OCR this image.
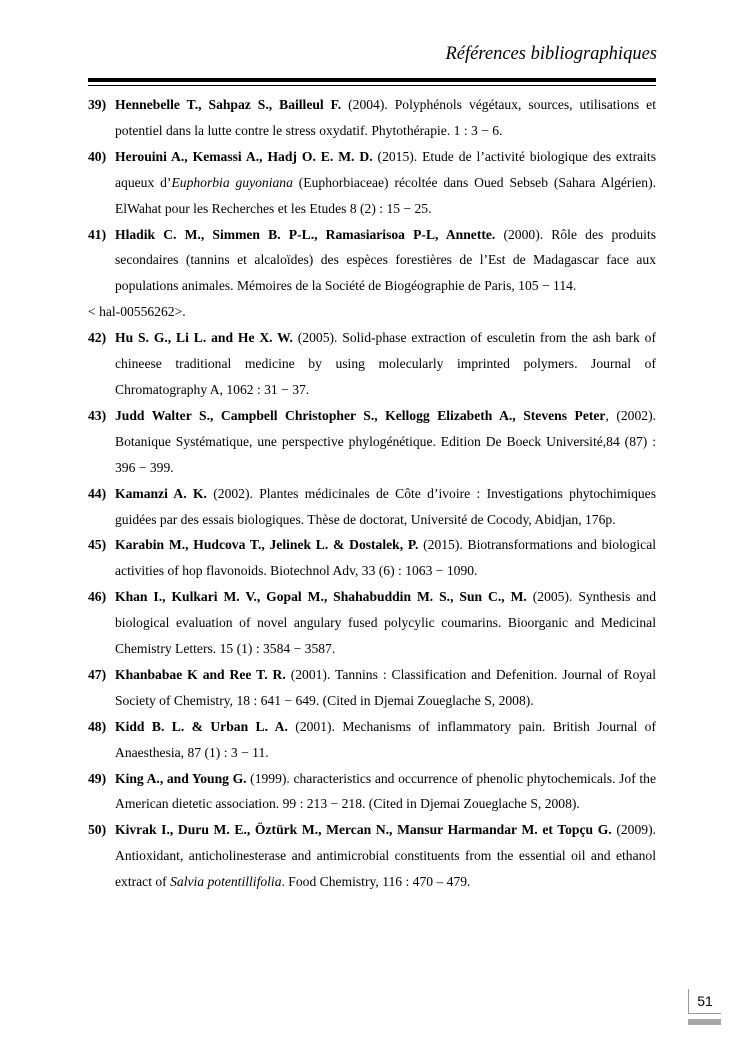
Références bibliographiques
39) Hennebelle T., Sahpaz S., Bailleul F. (2004). Polyphénols végétaux, sources, utilisations et potentiel dans la lutte contre le stress oxydatif. Phytothérapie. 1 : 3 − 6.
40) Herouini A., Kemassi A., Hadj O. E. M. D. (2015). Etude de l’activité biologique des extraits aqueux d’Euphorbia guyoniana (Euphorbiaceae) récoltée dans Oued Sebseb (Sahara Algérien). ElWahat pour les Recherches et les Etudes 8 (2) : 15 − 25.
41) Hladik C. M., Simmen B. P-L., Ramasiarisoa P-L, Annette. (2000). Rôle des produits secondaires (tannins et alcaloïdes) des espèces forestières de l’Est de Madagascar face aux populations animales. Mémoires de la Société de Biogéographie de Paris, 105 − 114.
< hal-00556262>.
42) Hu S. G., Li L. and He X. W. (2005). Solid-phase extraction of esculetin from the ash bark of chineese traditional medicine by using molecularly imprinted polymers. Journal of Chromatography A, 1062 : 31 − 37.
43) Judd Walter S., Campbell Christopher S., Kellogg Elizabeth A., Stevens Peter, (2002). Botanique Systématique, une perspective phylogénétique. Edition De Boeck Université,84 (87) : 396 − 399.
44) Kamanzi A. K. (2002). Plantes médicinales de Côte d’ivoire : Investigations phytochimiques guidées par des essais biologiques. Thèse de doctorat, Université de Cocody, Abidjan, 176p.
45) Karabin M., Hudcova T., Jelinek L. & Dostalek, P. (2015). Biotransformations and biological activities of hop flavonoids. Biotechnol Adv, 33 (6) : 1063 − 1090.
46) Khan I., Kulkari M. V., Gopal M., Shahabuddin M. S., Sun C., M. (2005). Synthesis and biological evaluation of novel angulary fused polycylic coumarins. Bioorganic and Medicinal Chemistry Letters. 15 (1) : 3584 − 3587.
47) Khanbabae K and Ree T. R. (2001). Tannins : Classification and Defenition. Journal of Royal Society of Chemistry, 18 : 641 − 649. (Cited in Djemai Zoueglache S, 2008).
48) Kidd B. L. & Urban L. A. (2001). Mechanisms of inflammatory pain. British Journal of Anaesthesia, 87 (1) : 3 − 11.
49) King A., and Young G. (1999). characteristics and occurrence of phenolic phytochemicals. Jof the American dietetic association. 99 : 213 − 218. (Cited in Djemai Zoueglache S, 2008).
50) Kivrak I., Duru M. E., Öztürk M., Mercan N., Mansur Harmandar M. et Topçu G. (2009). Antioxidant, anticholinesterase and antimicrobial constituents from the essential oil and ethanol extract of Salvia potentillifolia. Food Chemistry, 116 : 470 – 479.
51
